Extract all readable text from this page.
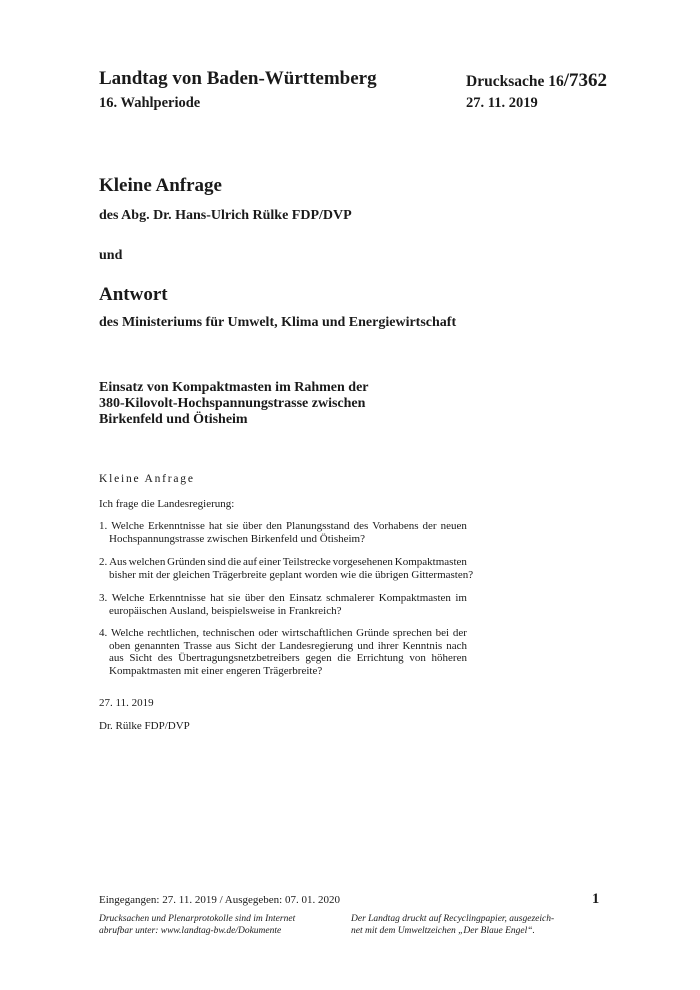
Landtag von Baden-Württemberg	Drucksache 16/7362
16. Wahlperiode	27. 11. 2019
Kleine Anfrage
des Abg. Dr. Hans-Ulrich Rülke FDP/DVP
und
Antwort
des Ministeriums für Umwelt, Klima und Energiewirtschaft
Einsatz von Kompaktmasten im Rahmen der
380-Kilovolt-Hochspannungstrasse zwischen
Birkenfeld und Ötisheim
Kleine Anfrage
Ich frage die Landesregierung:
1. Welche Erkenntnisse hat sie über den Planungsstand des Vorhabens der neuen
Hochspannungstrasse zwischen Birkenfeld und Ötisheim?
2. Aus welchen Gründen sind die auf einer Teilstrecke vorgesehenen Kompaktmasten
bisher mit der gleichen Trägerbreite geplant worden wie die übrigen Gittermasten?
3. Welche Erkenntnisse hat sie über den Einsatz schmalerer Kompaktmasten im
europäischen Ausland, beispielsweise in Frankreich?
4. Welche rechtlichen, technischen oder wirtschaftlichen Gründe sprechen bei der
oben genannten Trasse aus Sicht der Landesregierung und ihrer Kenntnis nach
aus Sicht des Übertragungsnetzbetreibers gegen die Errichtung von höheren
Kompaktmasten mit einer engeren Trägerbreite?
27. 11. 2019
Dr. Rülke FDP/DVP
Eingegangen: 27. 11. 2019 / Ausgegeben: 07. 01. 2020	1
Drucksachen und Plenarprotokolle sind im Internet
abrufbar unter: www.landtag-bw.de/Dokumente
Der Landtag druckt auf Recyclingpapier, ausgezeich-
net mit dem Umweltzeichen „Der Blaue Engel“.
